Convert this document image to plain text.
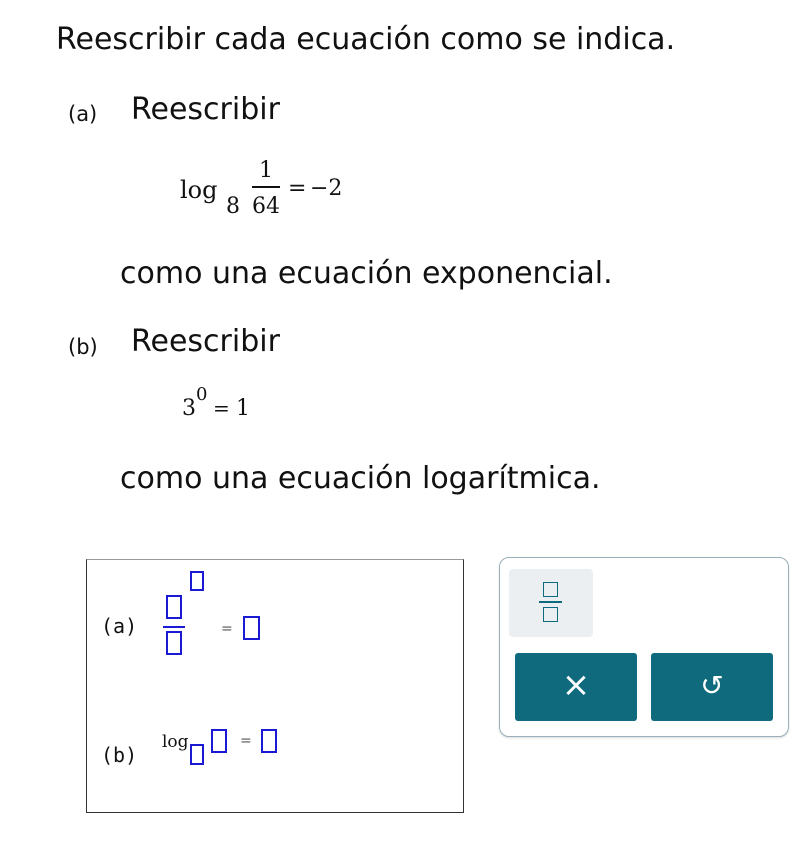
Reescribir cada ecuación como se indica.
(a) Reescribir
log
8
1
64
= −2
como una ecuación exponencial.
(b) Reescribir
3
0
= 1
como una ecuación logarítmica.
(a)	=
(b)
log	=
×	↺
